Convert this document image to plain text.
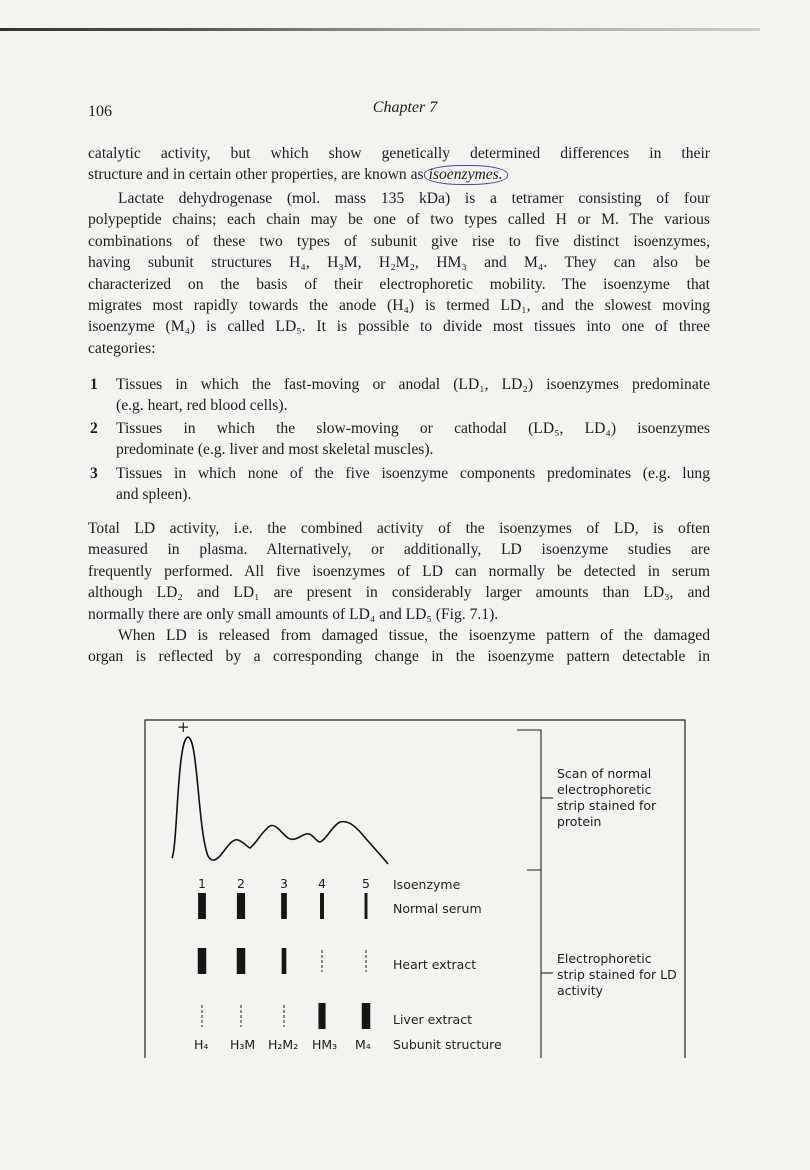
106	Chapter 7

catalytic activity, but which show genetically determined differences in their

structure and in certain other properties, are known as isoenzymes.

Lactate dehydrogenase (mol. mass 135 kDa) is a tetramer consisting of four

polypeptide chains; each chain may be one of two types called H or M. The various

combinations of these two types of subunit give rise to five distinct isoenzymes,

having subunit structures H₄, H₃M, H₂M₂, HM₃ and M₄. They can also be

characterized on the basis of their electrophoretic mobility. The isoenzyme that

migrates most rapidly towards the anode (H₄) is termed LD₁, and the slowest moving

isoenzyme (M₄) is called LD₅. It is possible to divide most tissues into one of three

categories:

1 Tissues in which the fast-moving or anodal (LD₁, LD₂) isoenzymes predominate
(e.g. heart, red blood cells).
2 Tissues in which the slow-moving or cathodal (LD₅, LD₄) isoenzymes
predominate (e.g. liver and most skeletal muscles).
3 Tissues in which none of the five isoenzyme components predominates (e.g. lung
and spleen).

Total LD activity, i.e. the combined activity of the isoenzymes of LD, is often

measured in plasma. Alternatively, or additionally, LD isoenzyme studies are

frequently performed. All five isoenzymes of LD can normally be detected in serum

although LD₂ and LD₁ are present in considerably larger amounts than LD₃, and

normally there are only small amounts of LD₄ and LD₅ (Fig. 7.1).

When LD is released from damaged tissue, the isoenzyme pattern of the damaged

organ is reflected by a corresponding change in the isoenzyme pattern detectable in

+
Scan of normal electrophoretic strip stained for protein
Electrophoretic strip stained for LD activity
1	2	3	4	5	Isoenzyme
Normal serum
Heart extract
Liver extract
Subunit structure
H₄ H₃M H₂M₂ HM₃ M₄
